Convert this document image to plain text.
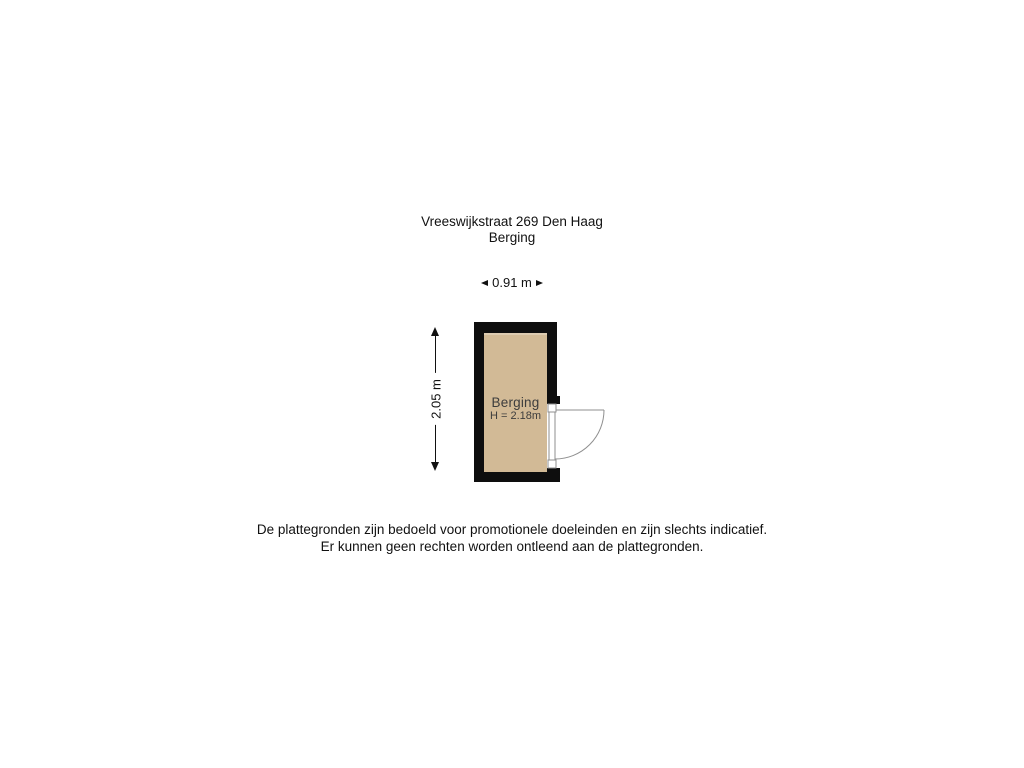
Vreeswijkstraat 269 Den Haag
Berging
0.91 m
Berging
H = 2.18m
2.05 m
De plattegronden zijn bedoeld voor promotionele doeleinden en zijn slechts indicatief.
Er kunnen geen rechten worden ontleend aan de plattegronden.
